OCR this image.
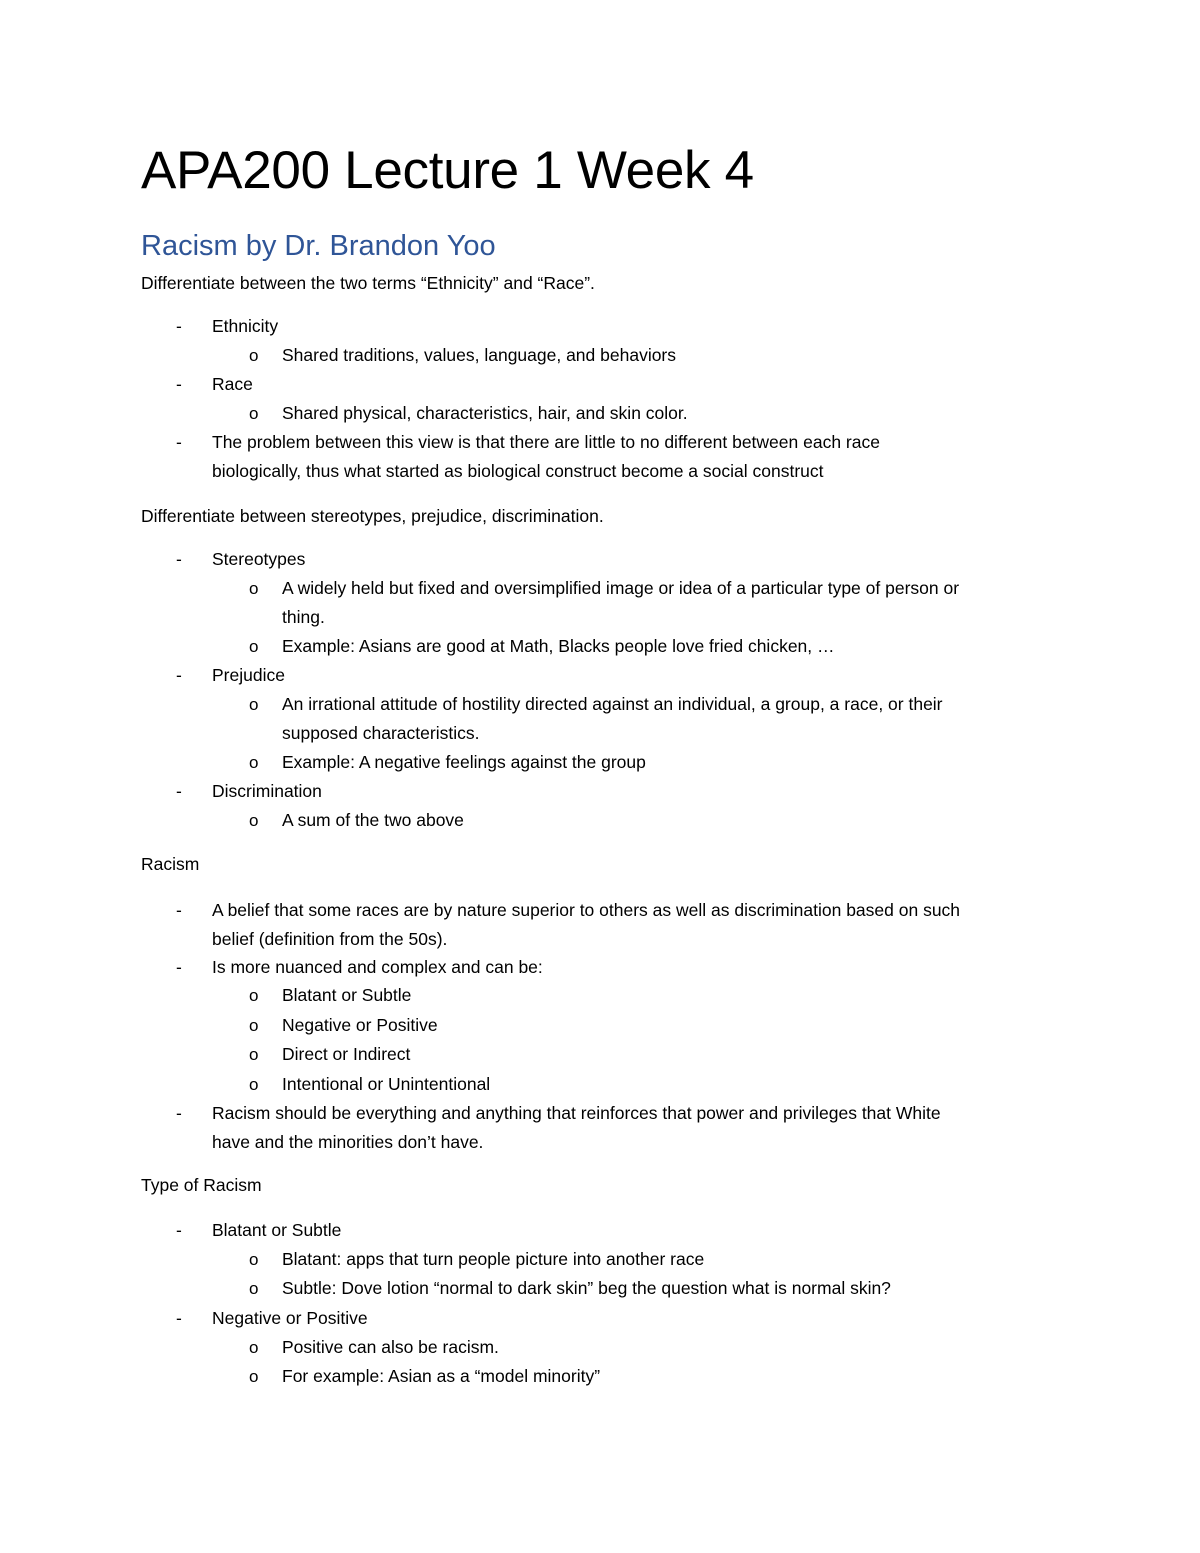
APA200 Lecture 1 Week 4
Racism by Dr. Brandon Yoo

Differentiate between the two terms “Ethnicity” and “Race”.

-	Ethnicity
o	Shared traditions, values, language, and behaviors
-	Race
o	Shared physical, characteristics, hair, and skin color.
-	The problem between this view is that there are little to no different between each race
biologically, thus what started as biological construct become a social construct

Differentiate between stereotypes, prejudice, discrimination.

-	Stereotypes
o	A widely held but fixed and oversimplified image or idea of a particular type of person or
thing.
o	Example: Asians are good at Math, Blacks people love fried chicken, …
-	Prejudice
o	An irrational attitude of hostility directed against an individual, a group, a race, or their
supposed characteristics.
o	Example: A negative feelings against the group
-	Discrimination
o	A sum of the two above

Racism

-	A belief that some races are by nature superior to others as well as discrimination based on such
belief (definition from the 50s).
-	Is more nuanced and complex and can be:
o	Blatant or Subtle
o	Negative or Positive
o	Direct or Indirect
o	Intentional or Unintentional
-	Racism should be everything and anything that reinforces that power and privileges that White
have and the minorities don’t have.

Type of Racism

-	Blatant or Subtle
o	Blatant: apps that turn people picture into another race
o	Subtle: Dove lotion “normal to dark skin” beg the question what is normal skin?
-	Negative or Positive
o	Positive can also be racism.
o	For example: Asian as a “model minority”
